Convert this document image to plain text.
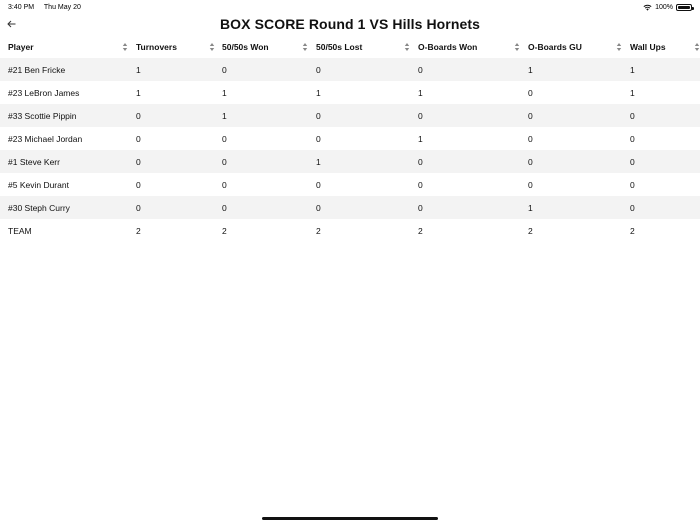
3:40 PM Thu May 20	100%
BOX SCORE Round 1 VS Hills Hornets
Player	Turnovers	50/50s Won	50/50s Lost	O-Boards Won	O-Boards GU	Wall Ups

#21 Ben Fricke	1	0	0	0	1	1
#23 LeBron James	1	1	1	1	0	1
#33 Scottie Pippin	0	1	0	0	0	0
#23 Michael Jordan	0	0	0	1	0	0
#1 Steve Kerr	0	0	1	0	0	0
#5 Kevin Durant	0	0	0	0	0	0
#30 Steph Curry	0	0	0	0	1	0
TEAM	2	2	2	2	2	2
